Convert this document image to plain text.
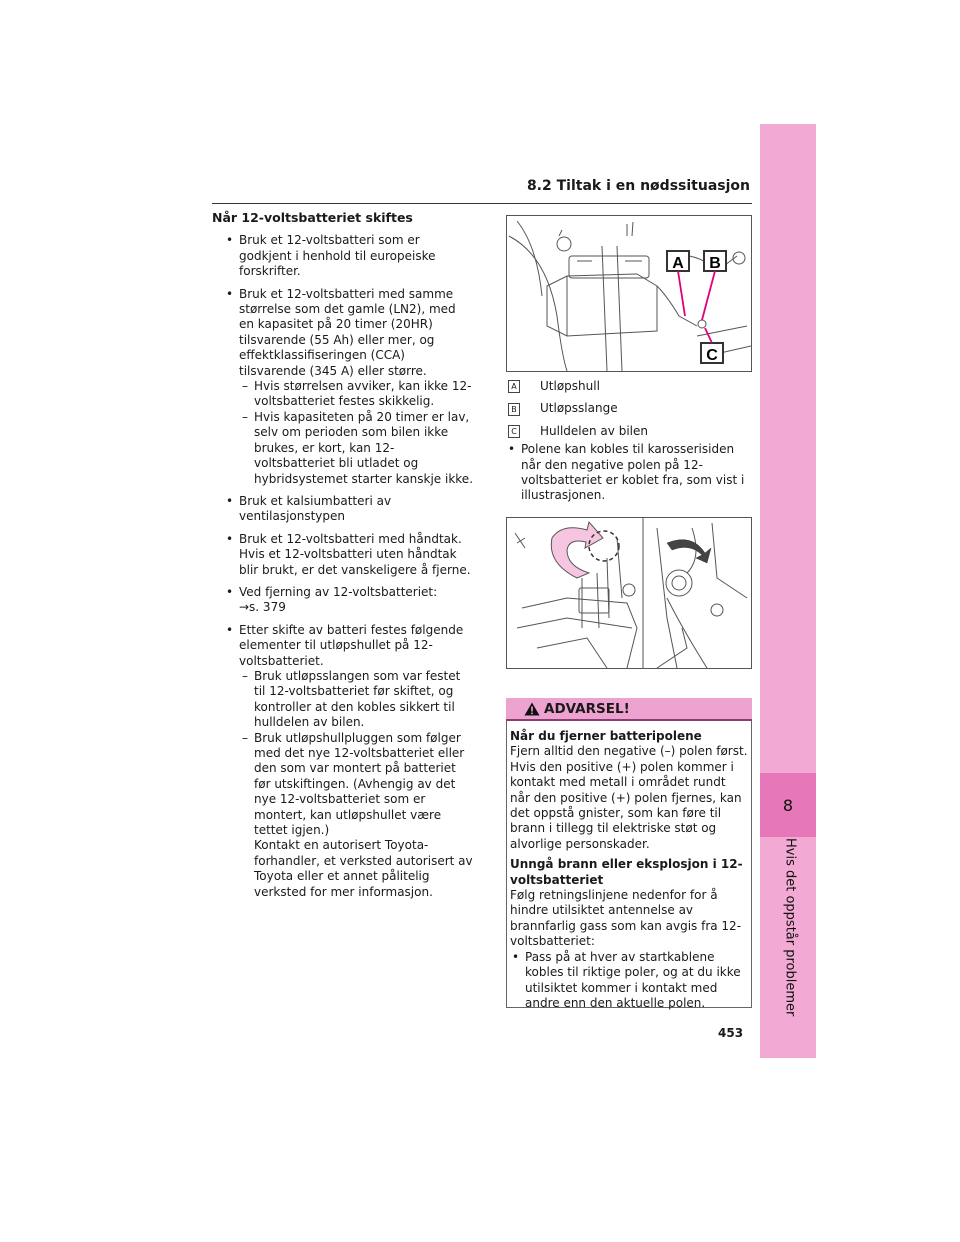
8.2 Tiltak i en nødssituasjon
Når 12-voltsbatteriet skiftes
• Bruk et 12-voltsbatteri som er godkjent i henhold til europeiske forskrifter.
• Bruk et 12-voltsbatteri med samme størrelse som det gamle (LN2), med en kapasitet på 20 timer (20HR) tilsvarende (55 Ah) eller mer, og effektklassifiseringen (CCA) tilsvarende (345 A) eller større.
– Hvis størrelsen avviker, kan ikke 12-voltsbatteriet festes skikkelig.
– Hvis kapasiteten på 20 timer er lav, selv om perioden som bilen ikke brukes, er kort, kan 12-voltsbatteriet bli utladet og hybridsystemet starter kanskje ikke.
• Bruk et kalsiumbatteri av ventilasjonstypen
• Bruk et 12-voltsbatteri med håndtak. Hvis et 12-voltsbatteri uten håndtak blir brukt, er det vanskeligere å fjerne.
• Ved fjerning av 12-voltsbatteriet:
→s. 379
• Etter skifte av batteri festes følgende elementer til utløpshullet på 12-voltsbatteriet.
– Bruk utløpsslangen som var festet til 12-voltsbatteriet før skiftet, og kontroller at den kobles sikkert til hulldelen av bilen.
– Bruk utløpshullpluggen som følger med det nye 12-voltsbatteriet eller den som var montert på batteriet før utskiftingen. (Avhengig av det nye 12-voltsbatteriet som er montert, kan utløpshullet være tettet igjen.)
Kontakt en autorisert Toyota-forhandler, et verksted autorisert av Toyota eller et annet pålitelig verksted for mer informasjon.
A B
C
A Utløpshull
B Utløpsslange
C Hulldelen av bilen
• Polene kan kobles til karosserisiden når den negative polen på 12-voltsbatteriet er koblet fra, som vist i illustrasjonen.
ADVARSEL!
Når du fjerner batteripolene

Fjern alltid den negative (–) polen først. Hvis den positive (+) polen kommer i kontakt med metall i området rundt når den positive (+) polen fjernes, kan det oppstå gnister, som kan føre til brann i tillegg til elektriske støt og alvorlige personskader.

Unngå brann eller eksplosjon i 12-voltsbatteriet

Følg retningslinjene nedenfor for å hindre utilsiktet antennelse av brannfarlig gass som kan avgis fra 12-voltsbatteriet:

• Pass på at hver av startkablene kobles til riktige poler, og at du ikke utilsiktet kommer i kontakt med andre enn den aktuelle polen.
453
8
Hvis det oppstår problemer
